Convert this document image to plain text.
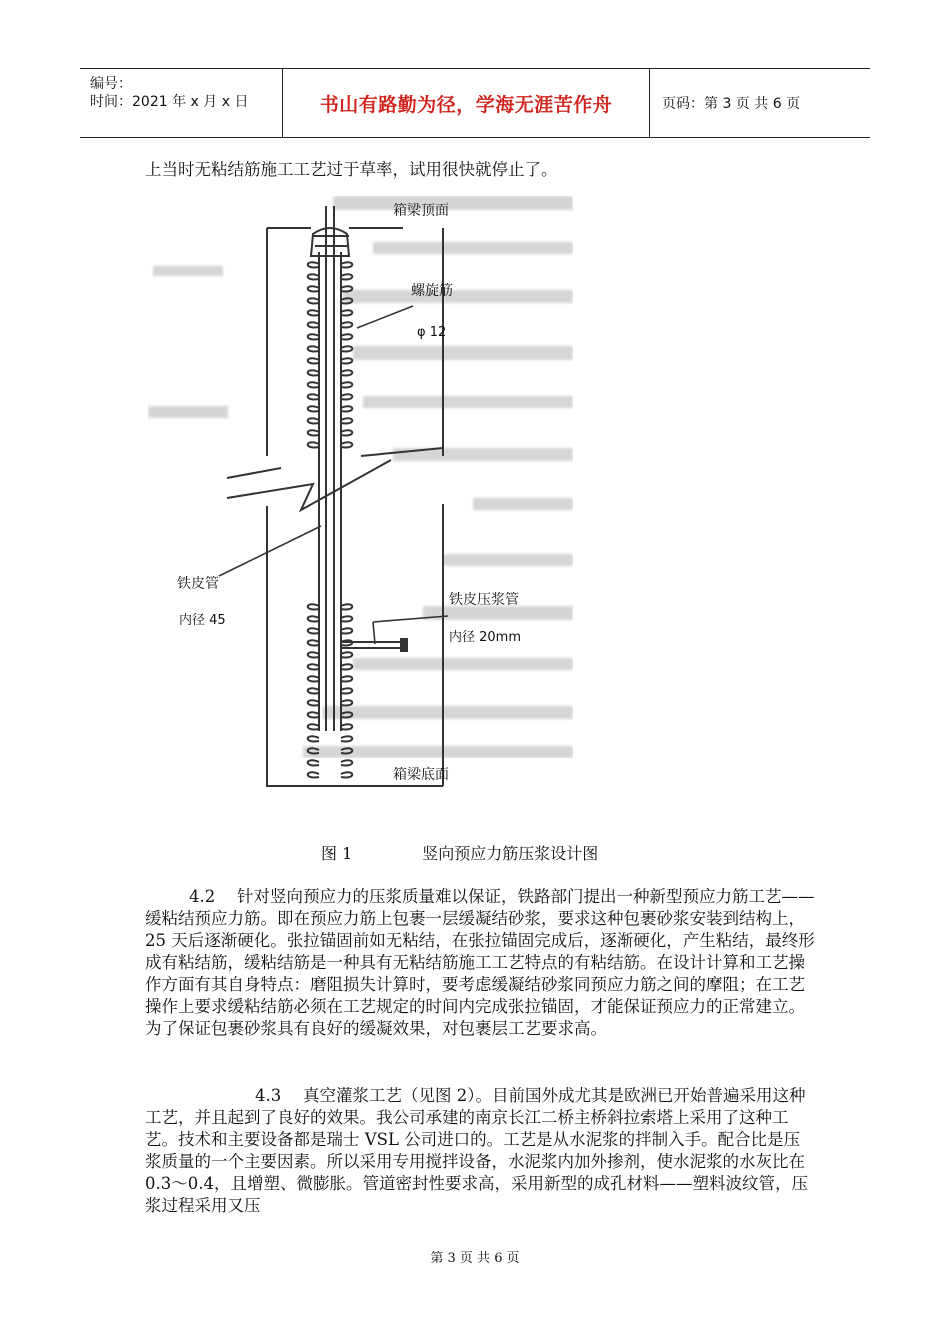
编号：
时间：2021 年 x 月 x 日	书山有路勤为径，学海无涯苦作舟	页码：第 3 页 共 6 页

上当时无粘结筋施工工艺过于草率，试用很快就停止了。

箱梁顶面
螺旋筋
φ 12
铁皮管
内径 45
铁皮压浆管
内径 20mm
箱梁底面
图 1	竖向预应力筋压浆设计图

4.2　 针对竖向预应力的压浆质量难以保证，铁路部门提出一种新型预应力筋工艺——缓粘结预应力筋。即在预应力筋上包裹一层缓凝结砂浆，要求这种包裹砂浆安装到结构上，25 天后逐渐硬化。张拉锚固前如无粘结，在张拉锚固完成后，逐渐硬化，产生粘结，最终形成有粘结筋，缓粘结筋是一种具有无粘结筋施工工艺特点的有粘结筋。在设计计算和工艺操作方面有其自身特点：磨阻损失计算时，要考虑缓凝结砂浆同预应力筋之间的摩阻；在工艺操作上要求缓粘结筋必须在工艺规定的时间内完成张拉锚固，才能保证预应力的正常建立。为了保证包裹砂浆具有良好的缓凝效果，对包裹层工艺要求高。

4.3　 真空灌浆工艺（见图 2）。目前国外成尤其是欧洲已开始普遍采用这种工艺，并且起到了良好的效果。我公司承建的南京长江二桥主桥斜拉索塔上采用了这种工艺。技术和主要设备都是瑞士 VSL 公司进口的。工艺是从水泥浆的拌制入手。配合比是压浆质量的一个主要因素。所以采用专用搅拌设备，水泥浆内加外掺剂，使水泥浆的水灰比在 0.3～0.4，且增塑、微膨胀。管道密封性要求高，采用新型的成孔材料——塑料波纹管，压浆过程采用又压

第 3 页 共 6 页
